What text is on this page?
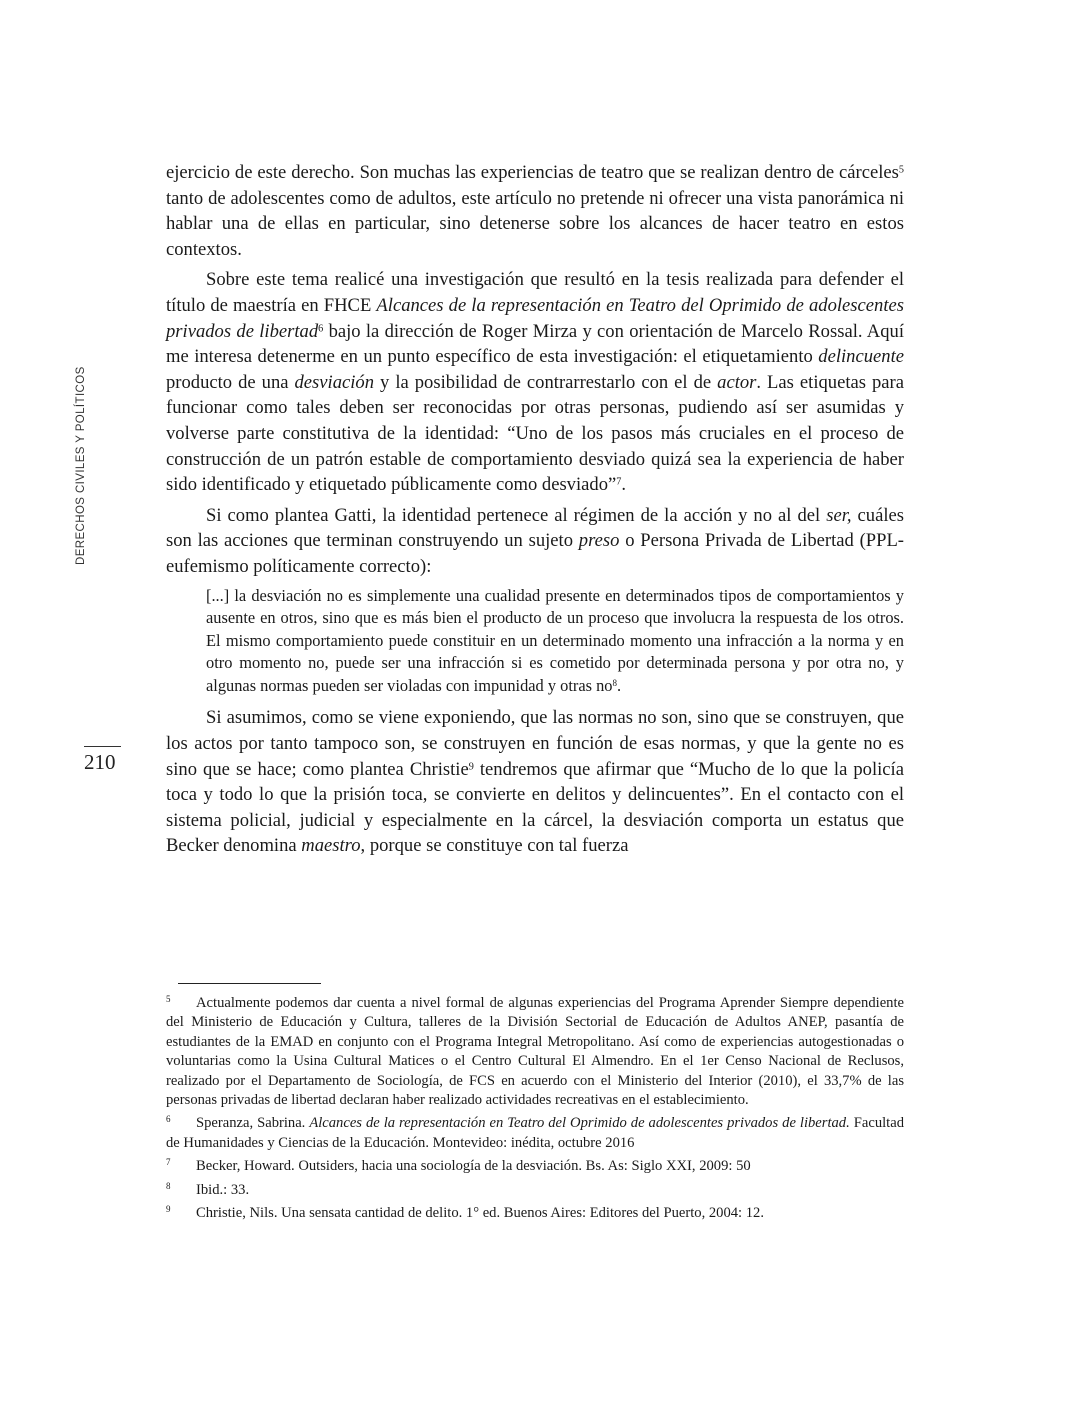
DERECHOS CIVILES Y POLÍTICOS
210

ejercicio de este derecho. Son muchas las experiencias de teatro que se realizan dentro de cárceles$^5$ tanto de adolescentes como de adultos, este artículo no pretende ni ofrecer una vista panorámica ni hablar una de ellas en particular, sino detenerse sobre los alcances de hacer teatro en estos contextos.

Sobre este tema realicé una investigación que resultó en la tesis realizada para defender el título de maestría en FHCE Alcances de la representación en Teatro del Oprimido de adolescentes privados de libertad$^6$ bajo la dirección de Roger Mirza y con orientación de Marcelo Rossal. Aquí me interesa detenerme en un punto específico de esta investigación: el etiquetamiento delincuente producto de una desviación y la posibilidad de contrarrestarlo con el de actor. Las etiquetas para funcionar como tales deben ser reconocidas por otras personas, pudiendo así ser asumidas y volverse parte constitutiva de la identidad: “Uno de los pasos más cruciales en el proceso de construcción de un patrón estable de comportamiento desviado quizá sea la experiencia de haber sido identificado y etiquetado públicamente como desviado”$^7$.

Si como plantea Gatti, la identidad pertenece al régimen de la acción y no al del ser, cuáles son las acciones que terminan construyendo un sujeto preso o Persona Privada de Libertad (PPL- eufemismo políticamente correcto):

[...] la desviación no es simplemente una cualidad presente en determinados tipos de comportamientos y ausente en otros, sino que es más bien el producto de un proceso que involucra la respuesta de los otros. El mismo comportamiento puede constituir en un determinado momento una infracción a la norma y en otro momento no, puede ser una infracción si es cometido por determinada persona y por otra no, y algunas normas pueden ser violadas con impunidad y otras $no^8$.

Si asumimos, como se viene exponiendo, que las normas no son, sino que se construyen, que los actos por tanto tampoco son, se construyen en función de esas normas, y que la gente no es sino que se hace; como plantea Christie$^9$ tendremos que afirmar que “Mucho de lo que la policía toca y todo lo que la prisión toca, se convierte en delitos y delincuentes”. En el contacto con el sistema policial, judicial y especialmente en la cárcel, la desviación comporta un estatus que Becker denomina maestro, porque se constituye con tal fuerza

5 Actualmente podemos dar cuenta a nivel formal de algunas experiencias del Programa Aprender Siempre dependiente del Ministerio de Educación y Cultura, talleres de la División Sectorial de Educación de Adultos ANEP, pasantía de estudiantes de la EMAD en conjunto con el Programa Integral Metropolitano. Así como de experiencias autogestionadas o voluntarias como la Usina Cultural Matices o el Centro Cultural El Almendro. En el 1er Censo Nacional de Reclusos, realizado por el Departamento de Sociología, de FCS en acuerdo con el Ministerio del Interior (2010), el 33,7% de las personas privadas de libertad declaran haber realizado actividades recreativas en el establecimiento.

6 Speranza, Sabrina. Alcances de la representación en Teatro del Oprimido de adolescentes privados de libertad. Facultad de Humanidades y Ciencias de la Educación. Montevideo: inédita, octubre 2016

7 Becker, Howard. Outsiders, hacia una sociología de la desviación. Bs. As: Siglo XXI, 2009: 50

8 Ibid.: 33.

9 Christie, Nils. Una sensata cantidad de delito. 1° ed. Buenos Aires: Editores del Puerto, 2004: 12.
